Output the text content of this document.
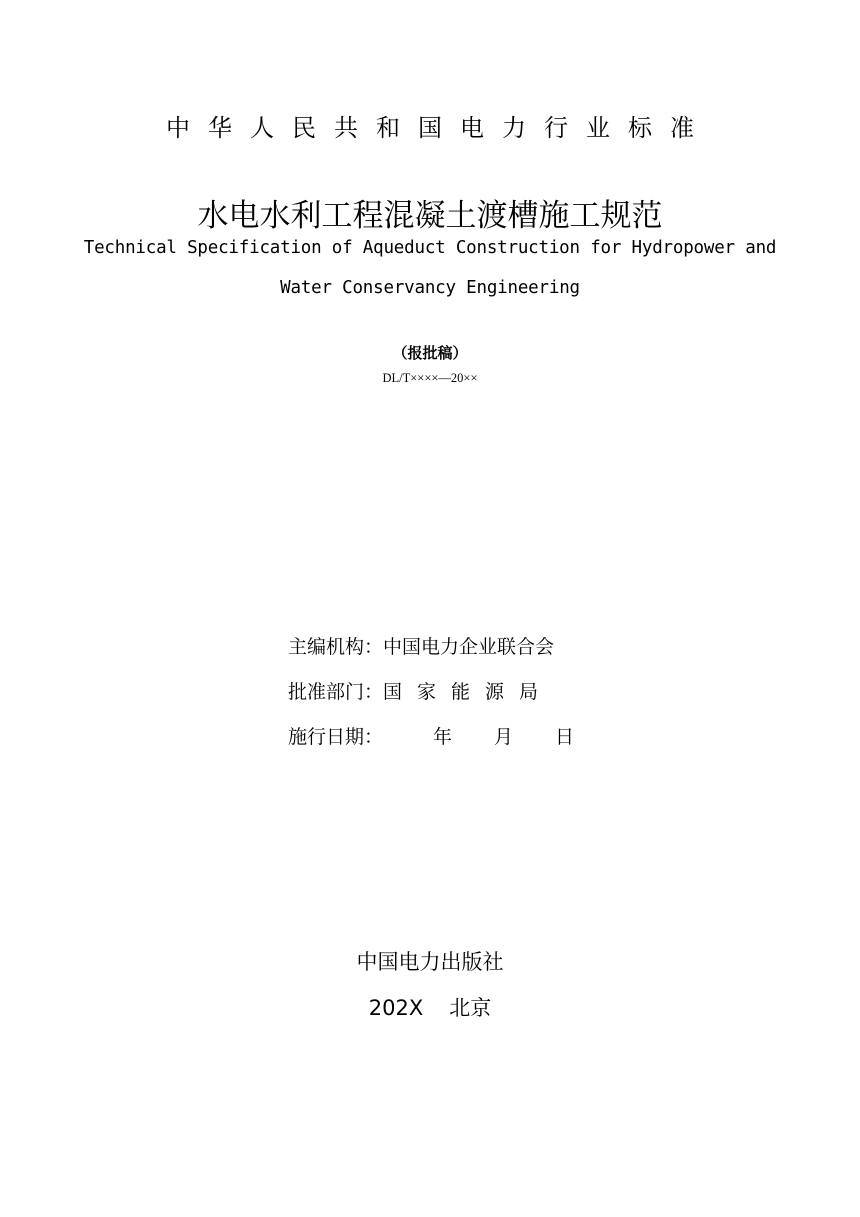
中华人民共和国电力行业标准
水电水利工程混凝土渡槽施工规范
Technical Specification of Aqueduct Construction for Hydropower and
Water Conservancy Engineering
（报批稿）
DL/T××××—20××
主编机构：中国电力企业联合会
批准部门：国家能源局
施行日期：	年 月 日
中国电力出版社
202X 北京
